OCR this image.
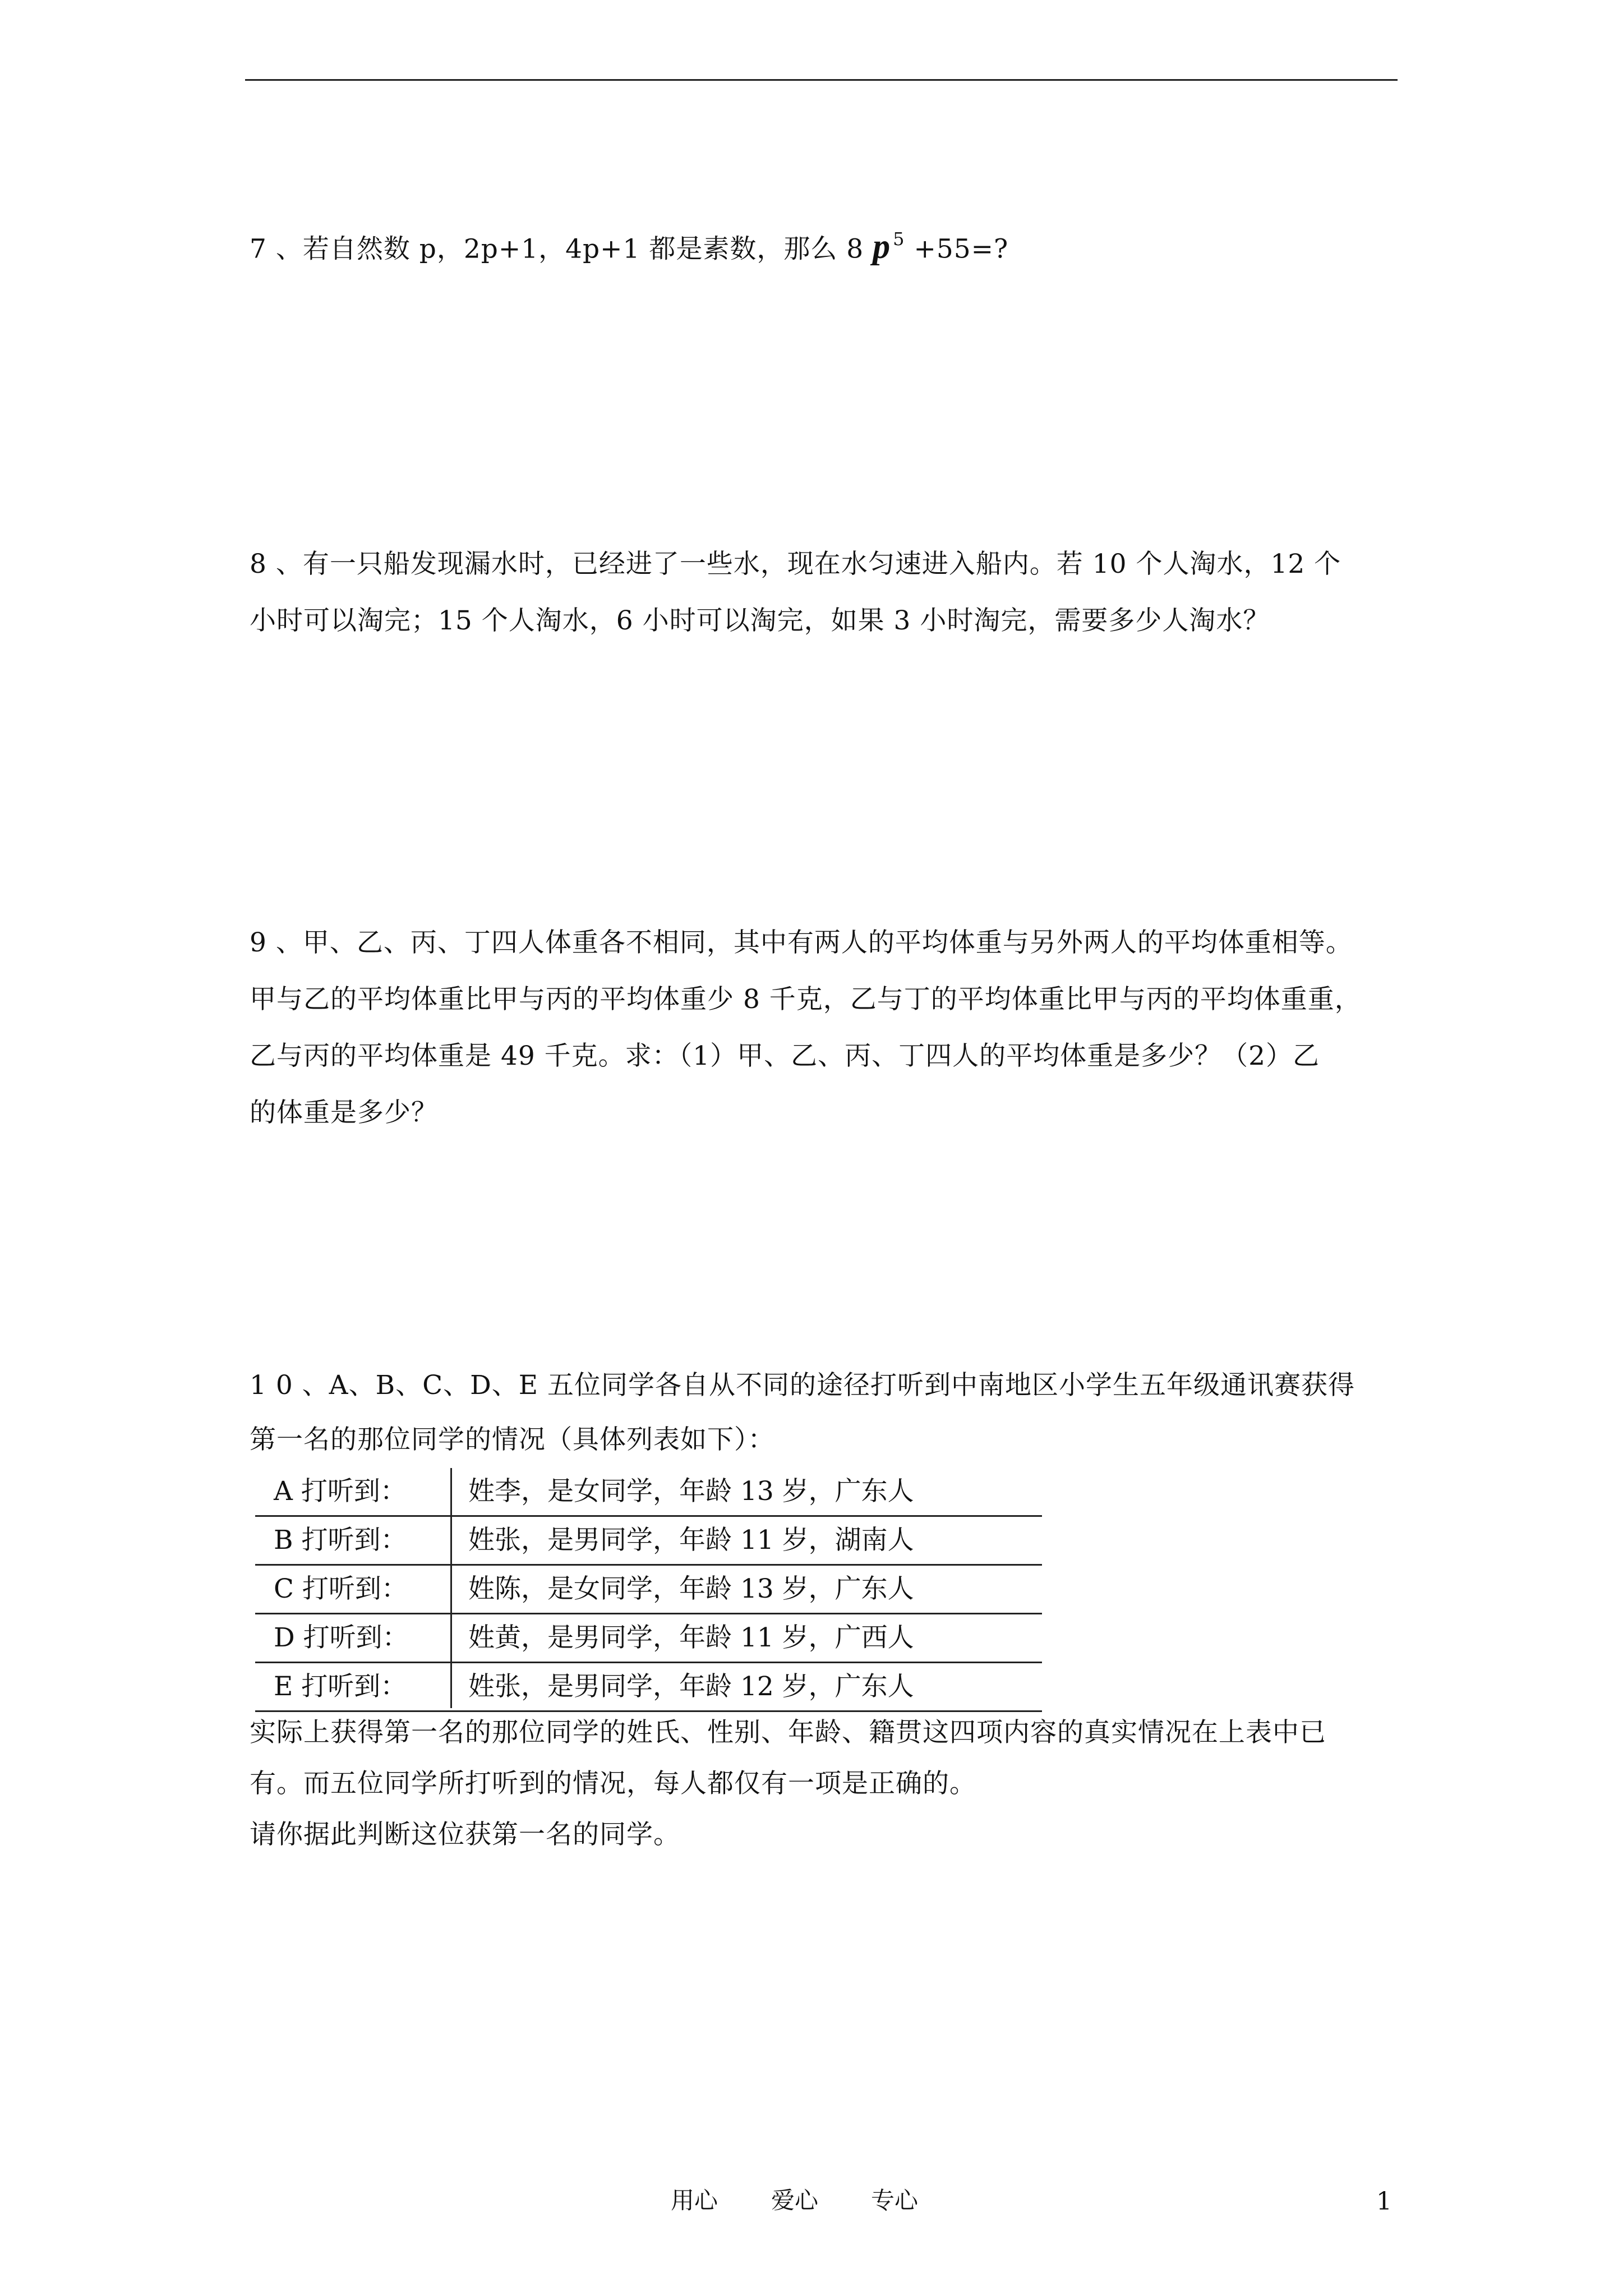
7 、若自然数 p，2p+1，4p+1 都是素数，那么 8 p $^5$ +55=?
8 、有一只船发现漏水时，已经进了一些水，现在水匀速进入船内。若 10 个人淘水，12 个
小时可以淘完；15 个人淘水，6 小时可以淘完，如果 3 小时淘完，需要多少人淘水？
9 、甲、乙、丙、丁四人体重各不相同，其中有两人的平均体重与另外两人的平均体重相等。
甲与乙的平均体重比甲与丙的平均体重少 8 千克，乙与丁的平均体重比甲与丙的平均体重重，
乙与丙的平均体重是 49 千克。求：（1）甲、乙、丙、丁四人的平均体重是多少？（2）乙
的体重是多少？
1 0 、A、B、C、D、E 五位同学各自从不同的途径打听到中南地区小学生五年级通讯赛获得
第一名的那位同学的情况（具体列表如下）：
A 打听到： 姓李，是女同学，年龄 13 岁，广东人
B 打听到： 姓张，是男同学，年龄 11 岁，湖南人
C 打听到： 姓陈，是女同学，年龄 13 岁，广东人
D 打听到： 姓黄，是男同学，年龄 11 岁，广西人
E 打听到： 姓张，是男同学，年龄 12 岁，广东人
实际上获得第一名的那位同学的姓氏、性别、年龄、籍贯这四项内容的真实情况在上表中已
有。而五位同学所打听到的情况，每人都仅有一项是正确的。
请你据此判断这位获第一名的同学。
用心 爱心 专心	1
